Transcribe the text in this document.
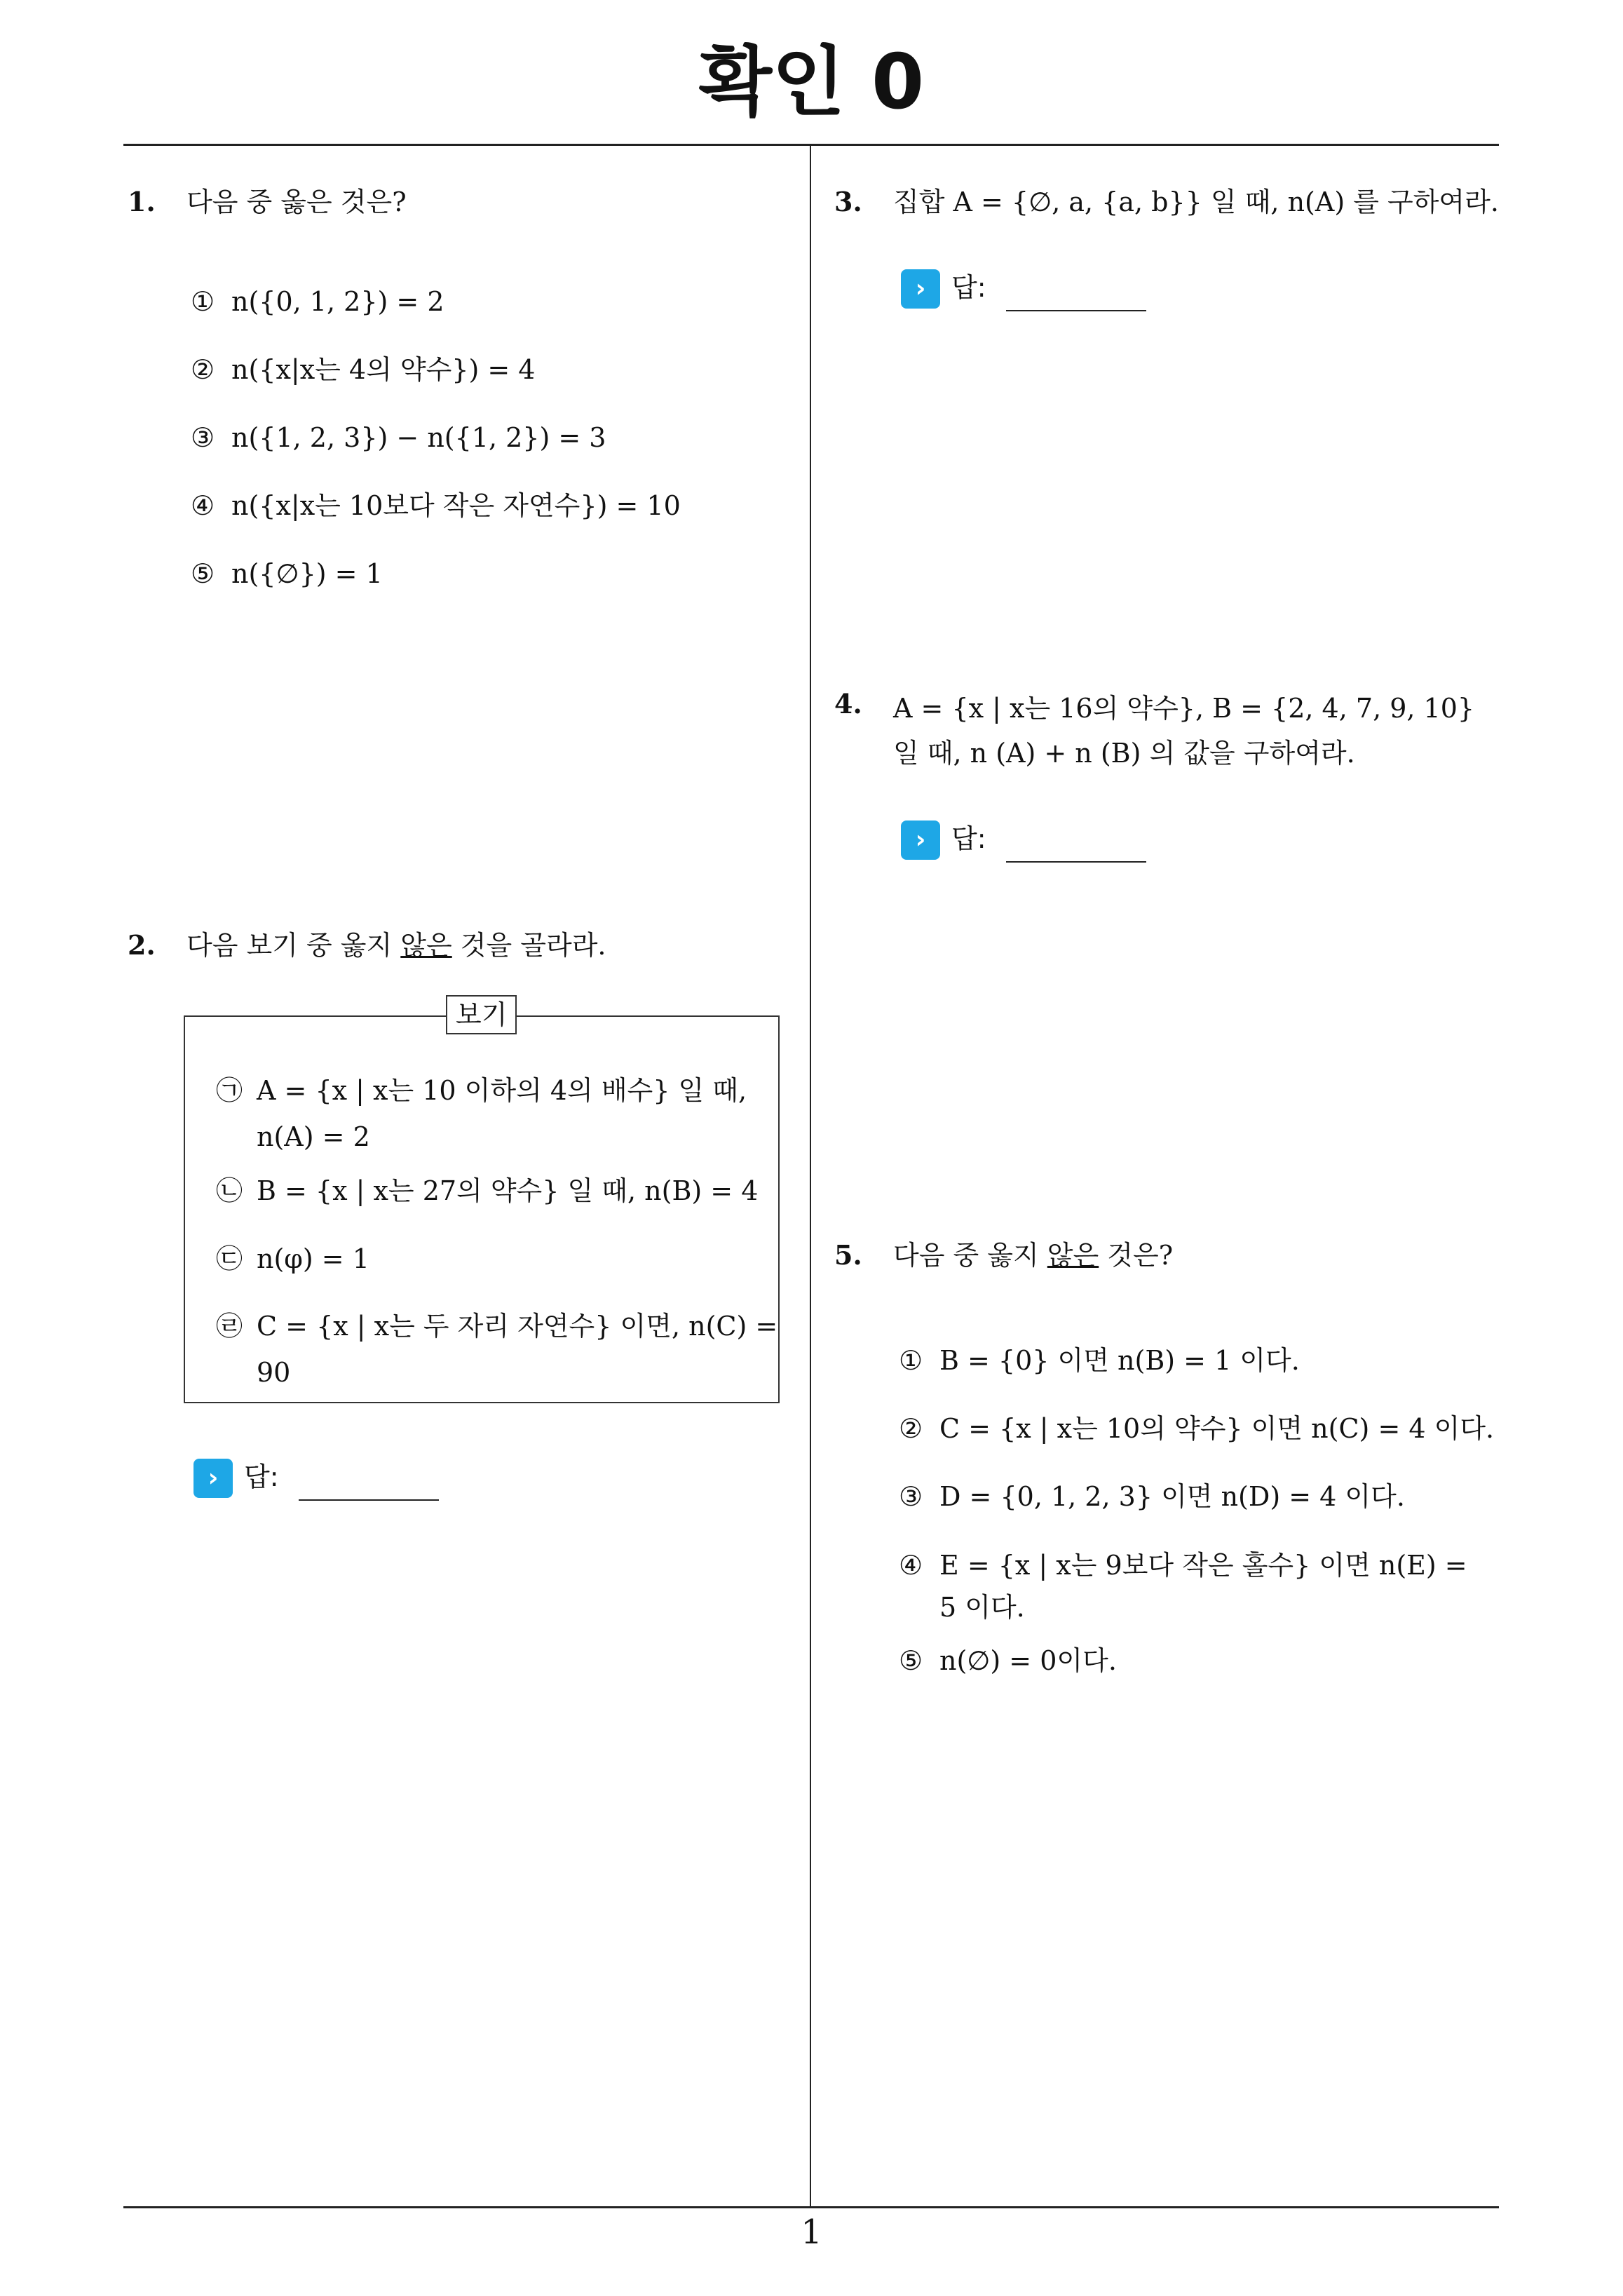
확인 0
1
1. 다음 중 옳은 것은?
① n({0, 1, 2}) = 2
② n({x|x는 4의 약수}) = 4
③ n({1, 2, 3}) − n({1, 2}) = 3
④ n({x|x는 10보다 작은 자연수}) = 10
⑤ n({∅}) = 1
2. 다음 보기 중 옳지 않은 것을 골라라.
보기
㉠ A = {x | x는 10 이하의 4의 배수} 일 때, n(A) = 2
㉡ B = {x | x는 27의 약수} 일 때, n(B) = 4
㉢ n(φ) = 1
㉣ C = {x | x는 두 자리 자연수} 이면, n(C) = 90
› 답:
3. 집합 A = {∅, a, {a, b}} 일 때, n(A) 를 구하여라.
› 답:
4. A = {x | x는 16의 약수}, B = {2, 4, 7, 9, 10} 일 때, n (A) + n (B) 의 값을 구하여라.
› 답:
5. 다음 중 옳지 않은 것은?
① B = {0} 이면 n(B) = 1 이다.
② C = {x | x는 10의 약수} 이면 n(C) = 4 이다.
③ D = {0, 1, 2, 3} 이면 n(D) = 4 이다.
④ E = {x | x는 9보다 작은 홀수} 이면 n(E) = 5 이다.
⑤ n(∅) = 0이다.
